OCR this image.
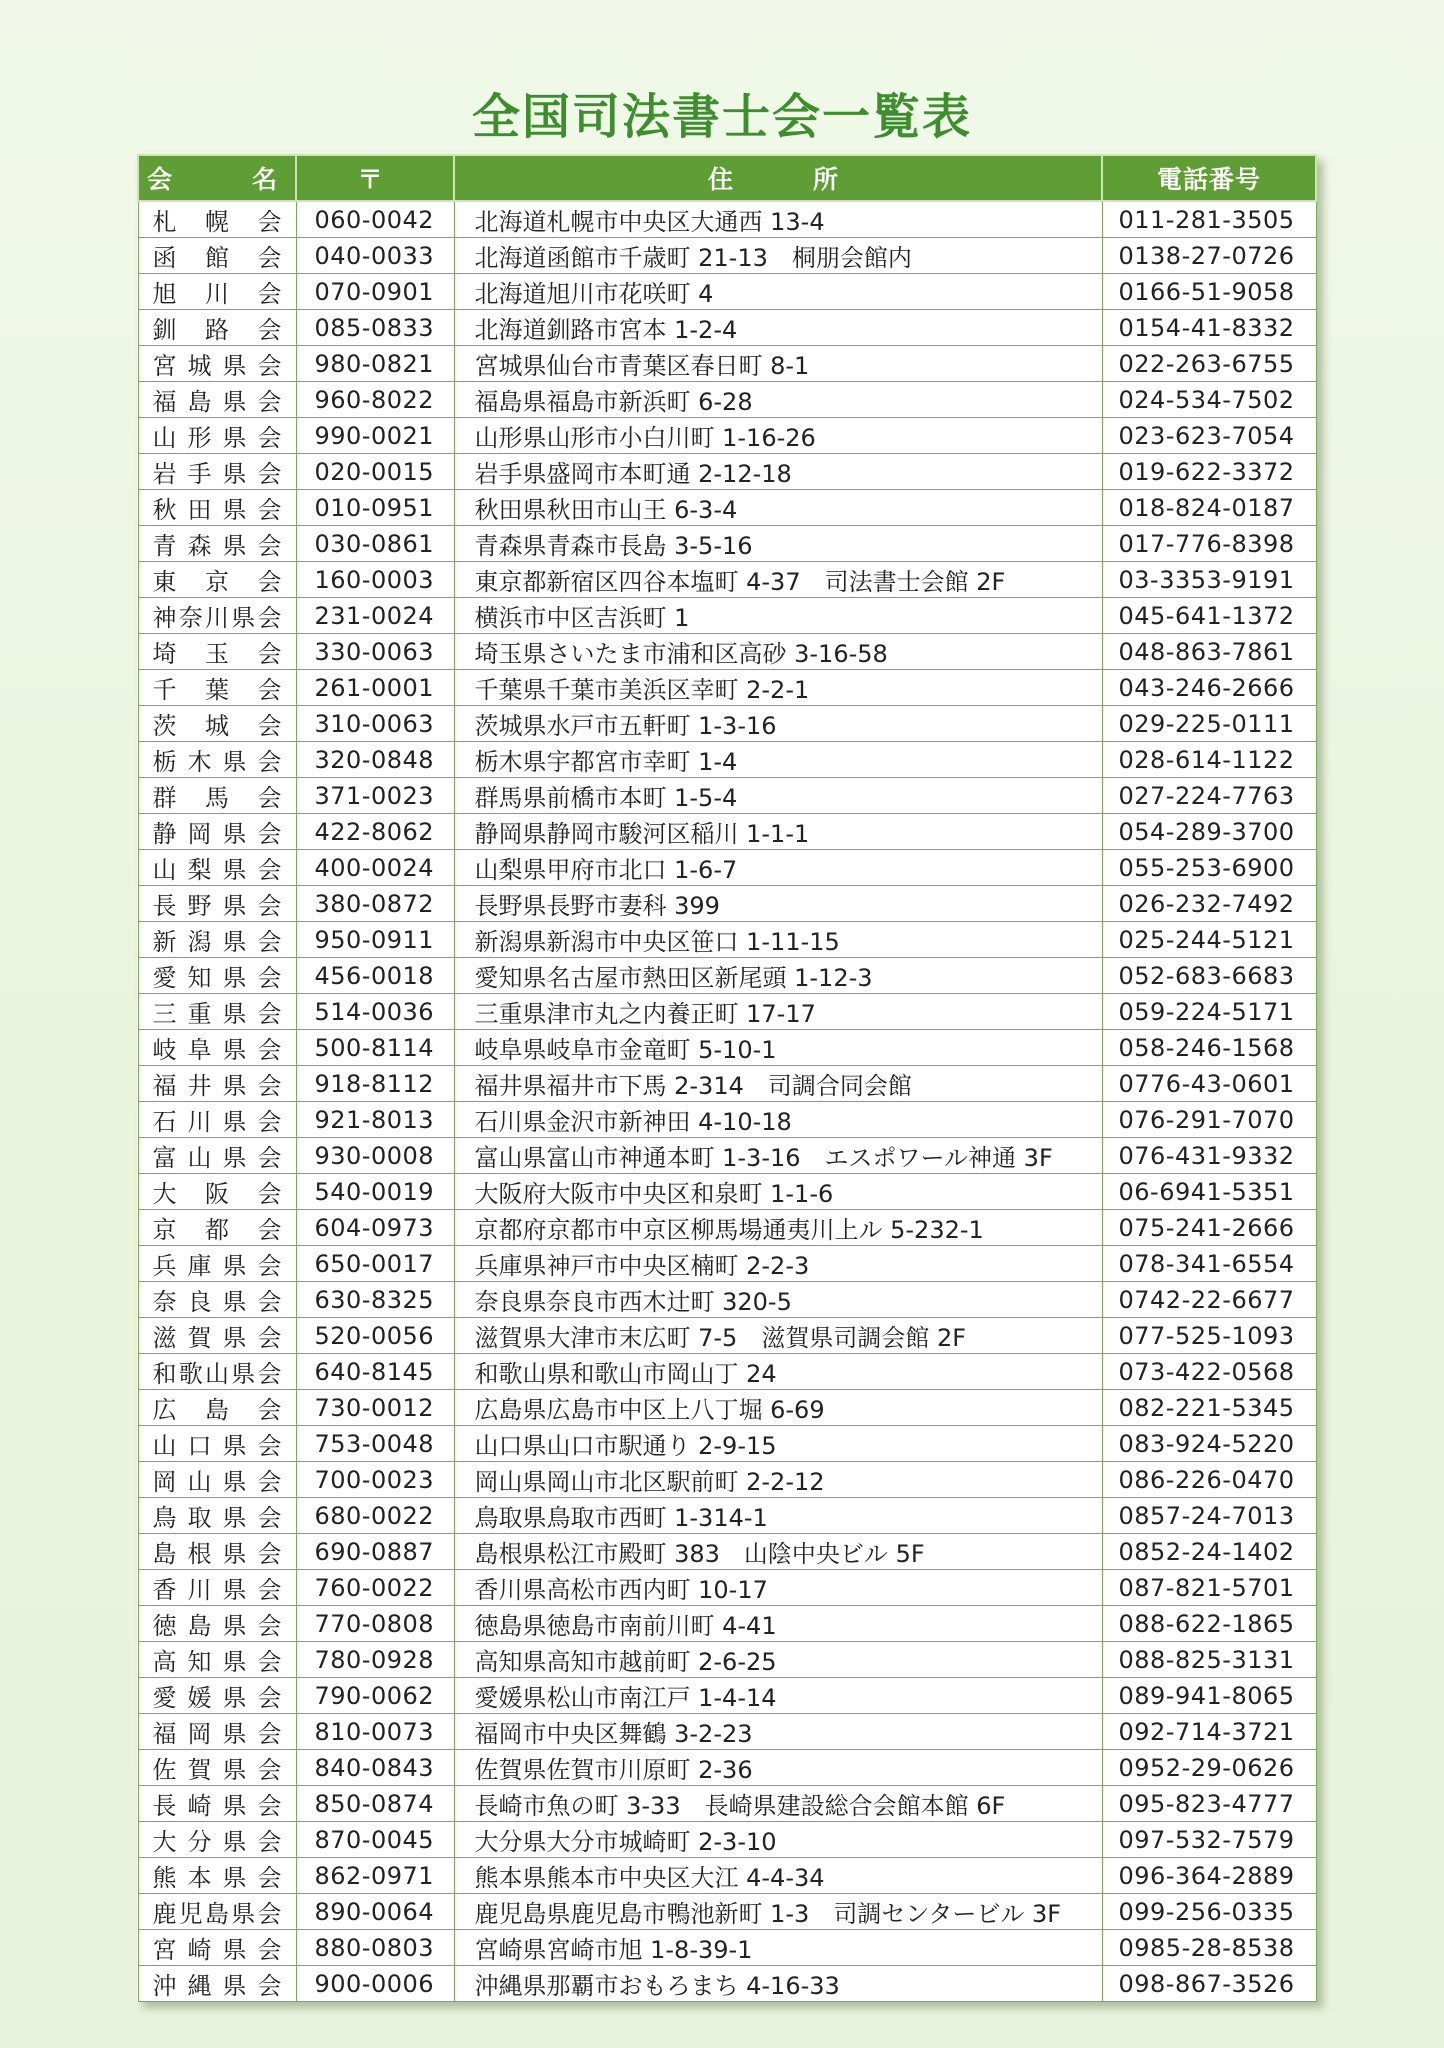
全国司法書士会一覧表
会　　名	〒	住　　所	電話番号
札幌会	060-0042	北海道札幌市中央区大通西 13-4	011-281-3505
函館会	040-0033	北海道函館市千歳町 21-13　桐朋会館内	0138-27-0726
旭川会	070-0901	北海道旭川市花咲町 4	0166-51-9058
釧路会	085-0833	北海道釧路市宮本 1-2-4	0154-41-8332
宮城県会	980-0821	宮城県仙台市青葉区春日町 8-1	022-263-6755
福島県会	960-8022	福島県福島市新浜町 6-28	024-534-7502
山形県会	990-0021	山形県山形市小白川町 1-16-26	023-623-7054
岩手県会	020-0015	岩手県盛岡市本町通 2-12-18	019-622-3372
秋田県会	010-0951	秋田県秋田市山王 6-3-4	018-824-0187
青森県会	030-0861	青森県青森市長島 3-5-16	017-776-8398
東京会	160-0003	東京都新宿区四谷本塩町 4-37　司法書士会館 2F	03-3353-9191
神奈川県会	231-0024	横浜市中区吉浜町 1	045-641-1372
埼玉会	330-0063	埼玉県さいたま市浦和区高砂 3-16-58	048-863-7861
千葉会	261-0001	千葉県千葉市美浜区幸町 2-2-1	043-246-2666
茨城会	310-0063	茨城県水戸市五軒町 1-3-16	029-225-0111
栃木県会	320-0848	栃木県宇都宮市幸町 1-4	028-614-1122
群馬会	371-0023	群馬県前橋市本町 1-5-4	027-224-7763
静岡県会	422-8062	静岡県静岡市駿河区稲川 1-1-1	054-289-3700
山梨県会	400-0024	山梨県甲府市北口 1-6-7	055-253-6900
長野県会	380-0872	長野県長野市妻科 399	026-232-7492
新潟県会	950-0911	新潟県新潟市中央区笹口 1-11-15	025-244-5121
愛知県会	456-0018	愛知県名古屋市熱田区新尾頭 1-12-3	052-683-6683
三重県会	514-0036	三重県津市丸之内養正町 17-17	059-224-5171
岐阜県会	500-8114	岐阜県岐阜市金竜町 5-10-1	058-246-1568
福井県会	918-8112	福井県福井市下馬 2-314　司調合同会館	0776-43-0601
石川県会	921-8013	石川県金沢市新神田 4-10-18	076-291-7070
富山県会	930-0008	富山県富山市神通本町 1-3-16　エスポワール神通 3F	076-431-9332
大阪会	540-0019	大阪府大阪市中央区和泉町 1-1-6	06-6941-5351
京都会	604-0973	京都府京都市中京区柳馬場通夷川上ル 5-232-1	075-241-2666
兵庫県会	650-0017	兵庫県神戸市中央区楠町 2-2-3	078-341-6554
奈良県会	630-8325	奈良県奈良市西木辻町 320-5	0742-22-6677
滋賀県会	520-0056	滋賀県大津市末広町 7-5　滋賀県司調会館 2F	077-525-1093
和歌山県会	640-8145	和歌山県和歌山市岡山丁 24	073-422-0568
広島会	730-0012	広島県広島市中区上八丁堀 6-69	082-221-5345
山口県会	753-0048	山口県山口市駅通り 2-9-15	083-924-5220
岡山県会	700-0023	岡山県岡山市北区駅前町 2-2-12	086-226-0470
鳥取県会	680-0022	鳥取県鳥取市西町 1-314-1	0857-24-7013
島根県会	690-0887	島根県松江市殿町 383　山陰中央ビル 5F	0852-24-1402
香川県会	760-0022	香川県高松市西内町 10-17	087-821-5701
徳島県会	770-0808	徳島県徳島市南前川町 4-41	088-622-1865
高知県会	780-0928	高知県高知市越前町 2-6-25	088-825-3131
愛媛県会	790-0062	愛媛県松山市南江戸 1-4-14	089-941-8065
福岡県会	810-0073	福岡市中央区舞鶴 3-2-23	092-714-3721
佐賀県会	840-0843	佐賀県佐賀市川原町 2-36	0952-29-0626
長崎県会	850-0874	長崎市魚の町 3-33　長崎県建設総合会館本館 6F	095-823-4777
大分県会	870-0045	大分県大分市城崎町 2-3-10	097-532-7579
熊本県会	862-0971	熊本県熊本市中央区大江 4-4-34	096-364-2889
鹿児島県会	890-0064	鹿児島県鹿児島市鴨池新町 1-3　司調センタービル 3F	099-256-0335
宮崎県会	880-0803	宮崎県宮崎市旭 1-8-39-1	0985-28-8538
沖縄県会	900-0006	沖縄県那覇市おもろまち 4-16-33	098-867-3526
